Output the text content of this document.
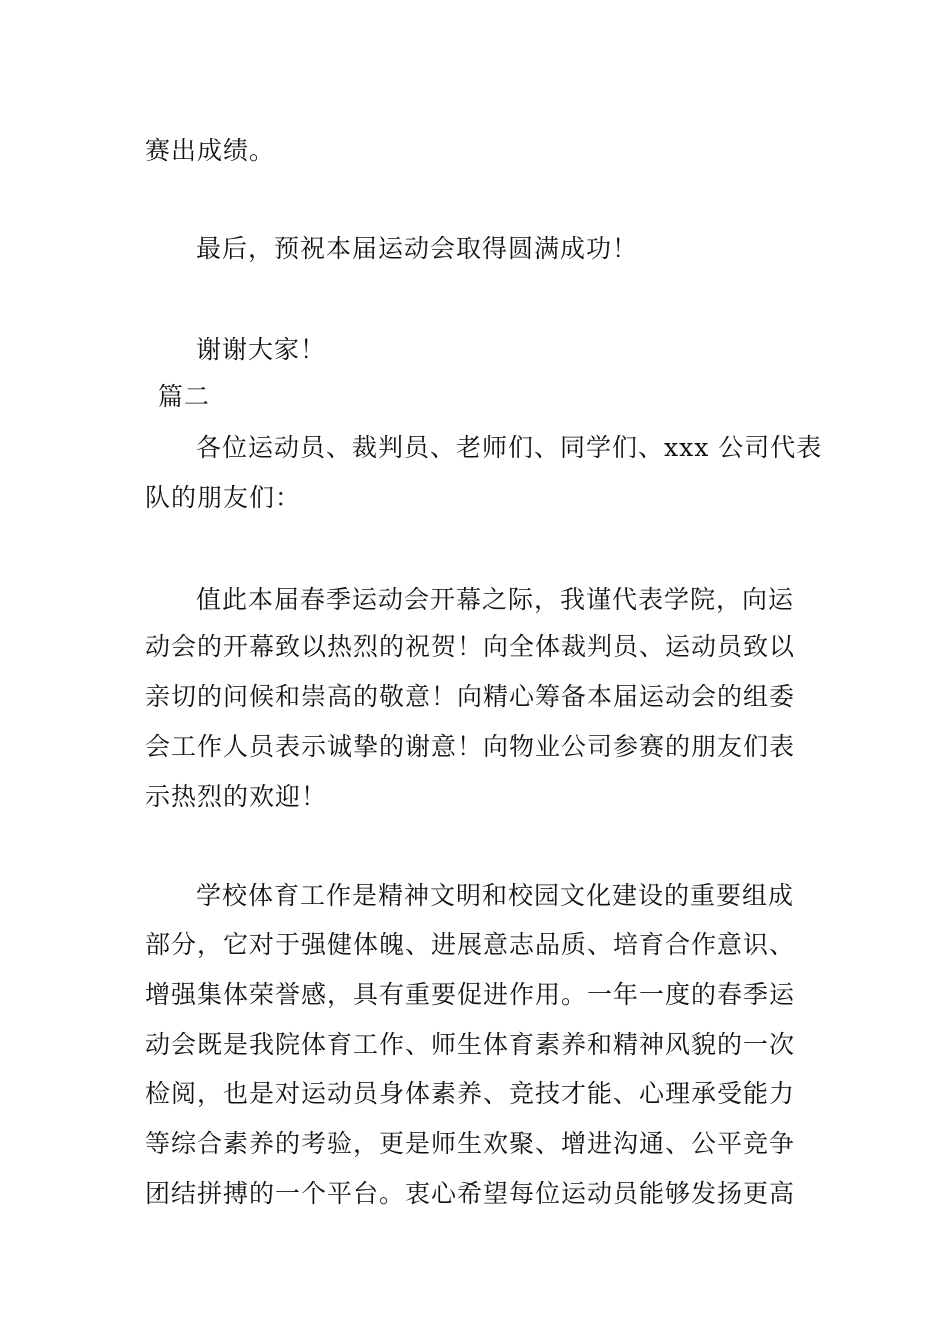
赛出成绩。
最后，预祝本届运动会取得圆满成功！
谢谢大家！
篇二
各位运动员、裁判员、老师们、同学们、xxx 公司代表
队的朋友们：
值此本届春季运动会开幕之际，我谨代表学院，向运
动会的开幕致以热烈的祝贺！向全体裁判员、运动员致以
亲切的问候和崇高的敬意！向精心筹备本届运动会的组委
会工作人员表示诚挚的谢意！向物业公司参赛的朋友们表
示热烈的欢迎！
学校体育工作是精神文明和校园文化建设的重要组成
部分，它对于强健体魄、进展意志品质、培育合作意识、
增强集体荣誉感，具有重要促进作用。一年一度的春季运
动会既是我院体育工作、师生体育素养和精神风貌的一次
检阅，也是对运动员身体素养、竞技才能、心理承受能力
等综合素养的考验，更是师生欢聚、增进沟通、公平竞争
团结拼搏的一个平台。衷心希望每位运动员能够发扬更高
